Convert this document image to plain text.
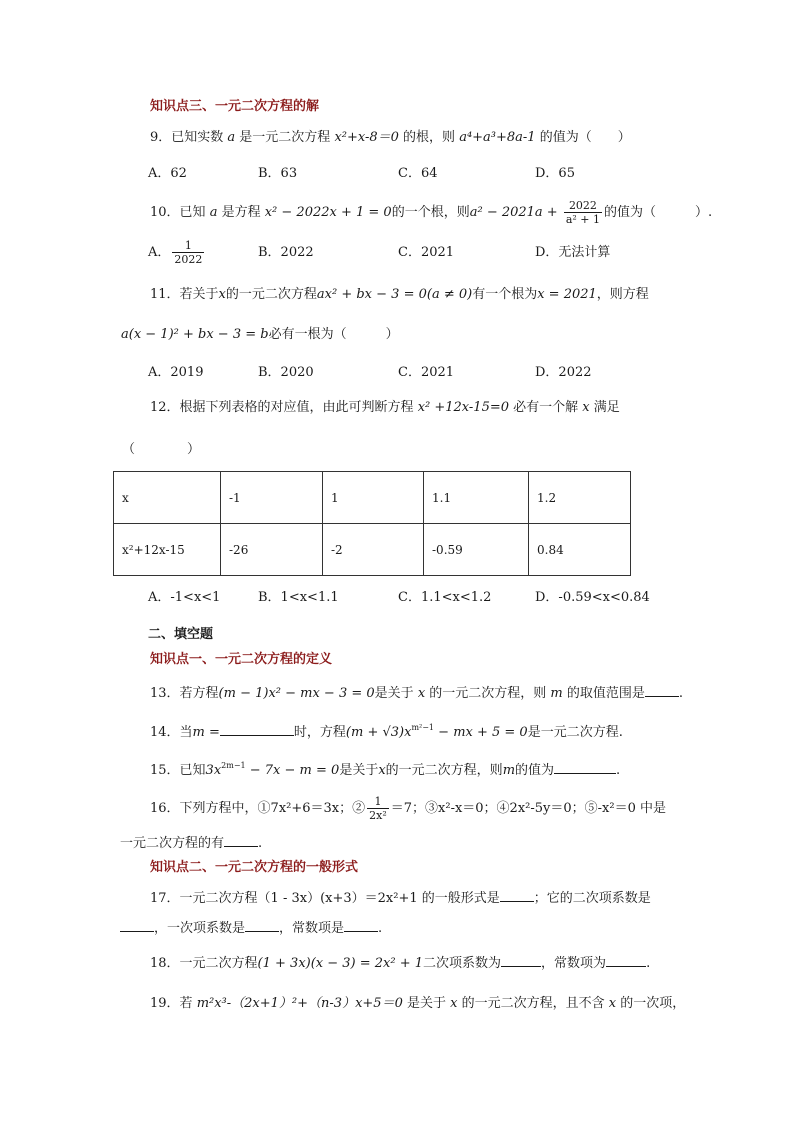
知识点三、一元二次方程的解
9．已知实数 a 是一元二次方程 x²+x-8＝0 的根，则 a⁴+a³+8a-1 的值为（　　）
A．62	B．63	C．64	D．65
10．已知 a 是方程 x² − 2022x + 1 = 0的一个根，则$a^2 - 2021a + \frac{2022}{\text{a² + 1}}$ 的值为（　　　）.
A． $\frac{1}{2022}$	B．2022	C．2021	D．无法计算
11．若关于x的一元二次方程ax² + bx − 3 = 0(a ≠ 0)有一个根为x = 2021，则方程
a(x − 1)² + bx − 3 = b必有一根为（　　　）
A．2019	B．2020	C．2021	D．2022
12．根据下列表格的对应值，由此可判断方程 x² +12x-15=0 必有一个解 x 满足
（　　　　）
x	-1	1	1.1	1.2
x²+12x-15	-26	-2	-0.59	0.84
A．-1<x<1	B．1<x<1.1	C．1.1<x<1.2	D．-0.59<x<0.84
二、填空题
知识点一、一元二次方程的定义
13．若方程(m − 1)x² − mx − 3 = 0是关于 x 的一元二次方程，则 m 的取值范围是	.
14．当m =	时，方程$(m + √3)x^{m^2-1}$ − mx + 5 = 0是一元二次方程.
15．已知$3x^{2m-1} - 7x - m = 0$是关于x的一元二次方程，则m的值为	.
16．下列方程中，①7x²+6＝3x；② $\frac{1}{\text{2x²}} =7$；③x²-x＝0；④2x²-5y＝0；⑤-x²＝0 中是
一元二次方程的有	.
知识点二、一元二次方程的一般形式
17．一元二次方程（1 - 3x）(x+3）＝2x²+1 的一般形式是	；它的二次项系数是
，一次项系数是	，常数项是	.
18．一元二次方程(1 + 3x)(x − 3) = 2x² + 1二次项系数为	，常数项为	.
19．若 m²x³-（2x+1）²+（n-3）x+5＝0 是关于 x 的一元二次方程，且不含 x 的一次项，
